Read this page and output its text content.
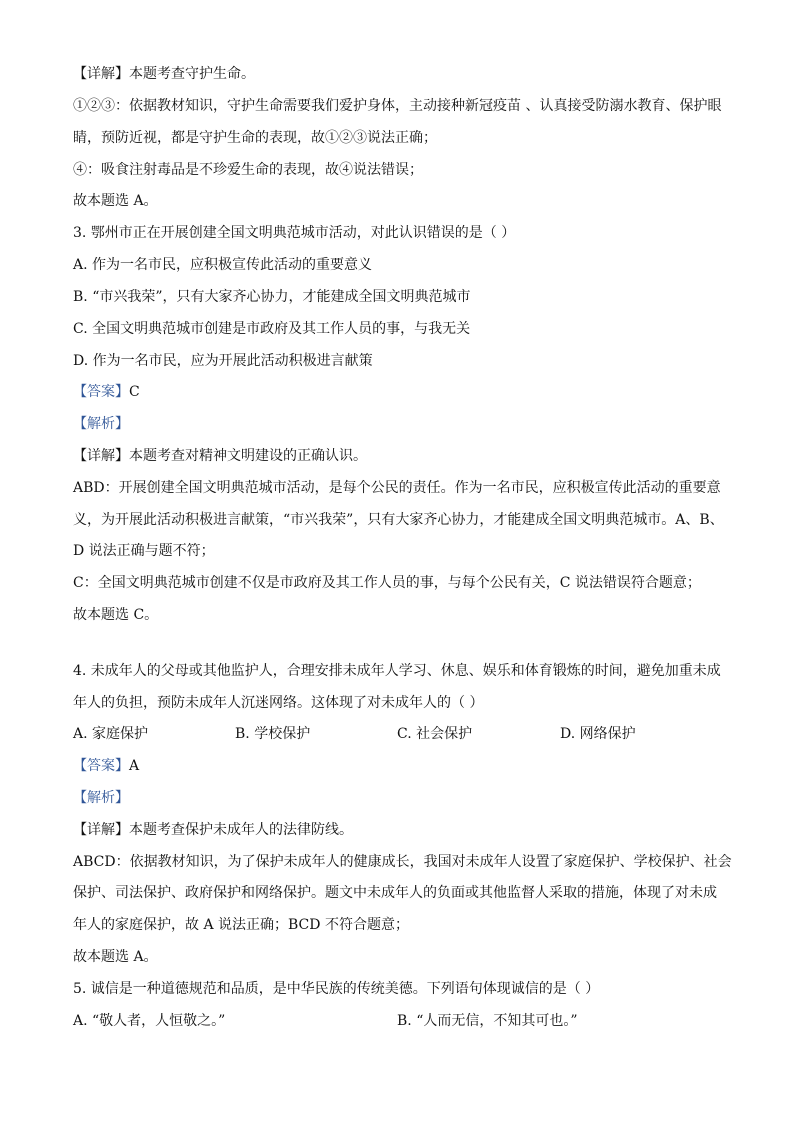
【详解】本题考查守护生命。
①②③：依据教材知识，守护生命需要我们爱护身体，主动接种新冠疫苗 、认真接受防溺水教育、保护眼
睛，预防近视，都是守护生命的表现，故①②③说法正确；
④：吸食注射毒品是不珍爱生命的表现，故④说法错误；
故本题选 A。
3. 鄂州市正在开展创建全国文明典范城市活动，对此认识错误的是（ ）
A. 作为一名市民，应积极宣传此活动的重要意义
B. “市兴我荣”，只有大家齐心协力，才能建成全国文明典范城市
C. 全国文明典范城市创建是市政府及其工作人员的事，与我无关
D. 作为一名市民，应为开展此活动积极进言献策
【答案】C
【解析】
【详解】本题考查对精神文明建设的正确认识。
ABD：开展创建全国文明典范城市活动，是每个公民的责任。作为一名市民，应积极宣传此活动的重要意
义，为开展此活动积极进言献策，“市兴我荣”，只有大家齐心协力，才能建成全国文明典范城市。A、B、
D 说法正确与题不符；
C：全国文明典范城市创建不仅是市政府及其工作人员的事，与每个公民有关，C 说法错误符合题意；
故本题选 C。
4. 未成年人的父母或其他监护人，合理安排未成年人学习、休息、娱乐和体育锻炼的时间，避免加重未成
年人的负担，预防未成年人沉迷网络。这体现了对未成年人的（ ）
A. 家庭保护	B. 学校保护	C. 社会保护	D. 网络保护
【答案】A
【解析】
【详解】本题考查保护未成年人的法律防线。
ABCD：依据教材知识，为了保护未成年人的健康成长，我国对未成年人设置了家庭保护、学校保护、社会
保护、司法保护、政府保护和网络保护。题文中未成年人的负面或其他监督人采取的措施，体现了对未成
年人的家庭保护，故 A 说法正确；BCD 不符合题意；
故本题选 A。
5. 诚信是一种道德规范和品质，是中华民族的传统美德。下列语句体现诚信的是（ ）
A. “敬人者，人恒敬之。”	B. “人而无信，不知其可也。”
